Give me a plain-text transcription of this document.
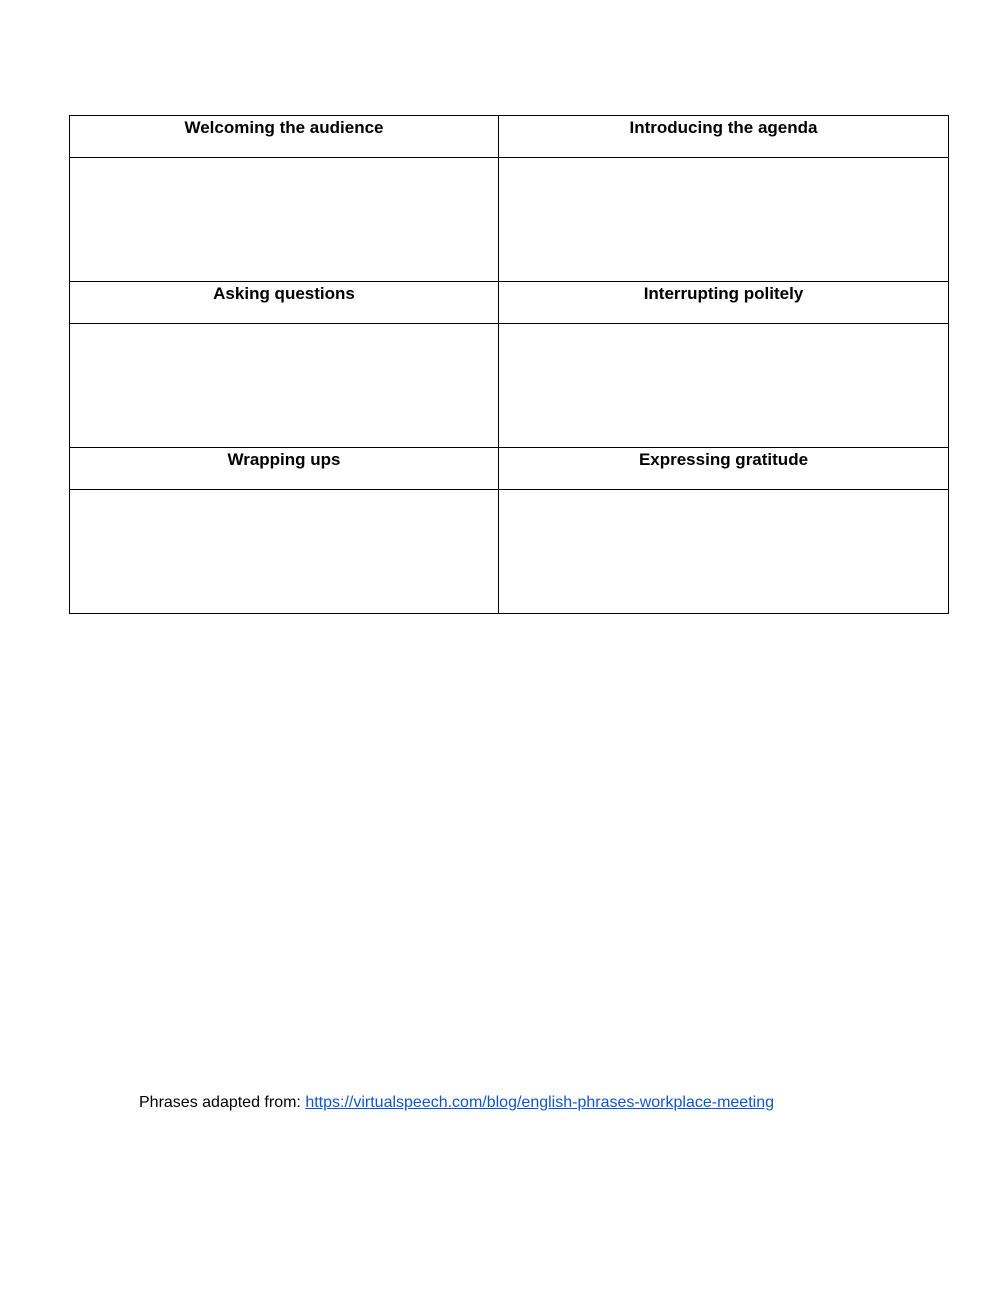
Welcoming the audience	Introducing the agenda

Asking questions	Interrupting politely

Wrapping ups	Expressing gratitude

Phrases adapted from: https://virtualspeech.com/blog/english-phrases-workplace-meeting
